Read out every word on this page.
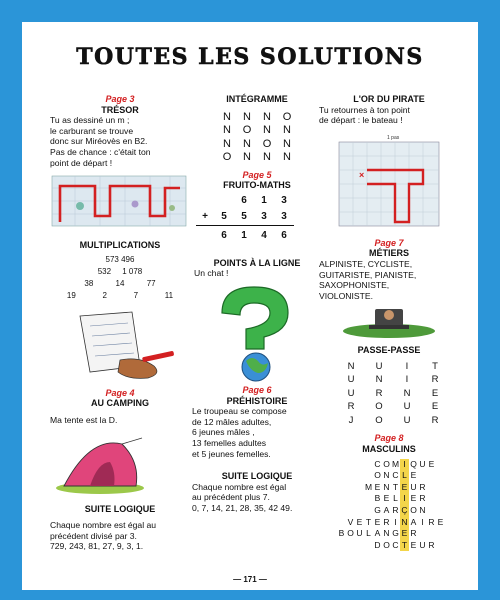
TOUTES LES SOLUTIONS
Page 3
TRÉSOR
Tu as dessiné un m ;
le carburant se trouve
donc sur Miréovès en B2.
Pas de chance : c'était ton
point de départ !
MULTIPLICATIONS
573 496
532 1 078
38	14	77
19	2	7	11
Page 4
AU CAMPING
Ma tente est la D.
SUITE LOGIQUE
Chaque nombre est égal au
précédent divisé par 3.
729, 243, 81, 27, 9, 3, 1.
INTÉGRAMME
N N N O
N O N N
N N O N
O N N N
Page 5
FRUITO-MATHS
6 1 3
+ 5 5 3 3
6 1 4 6
POINTS À LA LIGNE
Un chat !
Page 6
PRÉHISTOIRE
Le troupeau se compose
de 12 mâles adultes,
6 jeunes mâles ,
13 femelles adultes
et 5 jeunes femelles.
SUITE LOGIQUE
Chaque nombre est égal
au précédent plus 7.
0, 7, 14, 21, 28, 35, 42 49.
L'OR DU PIRATE
Tu retournes à ton point
de départ : le bateau !
1 pas
×
Page 7
MÉTIERS
ALPINISTE, CYCLISTE,
GUITARISTE, PIANISTE,
SAXOPHONISTE,
VIOLONISTE.
PASSE-PASSE
N U I	T
U N I R
U R N E
R O U E
J O U R
Page 8
MASCULINS
C O M I Q U E
O N C L E
M E N T E U R
B E L I E R
G A R Ç O N
V E T E R I N A I R E
B O U L A N G E R
D O C T E U R
— 171 —
